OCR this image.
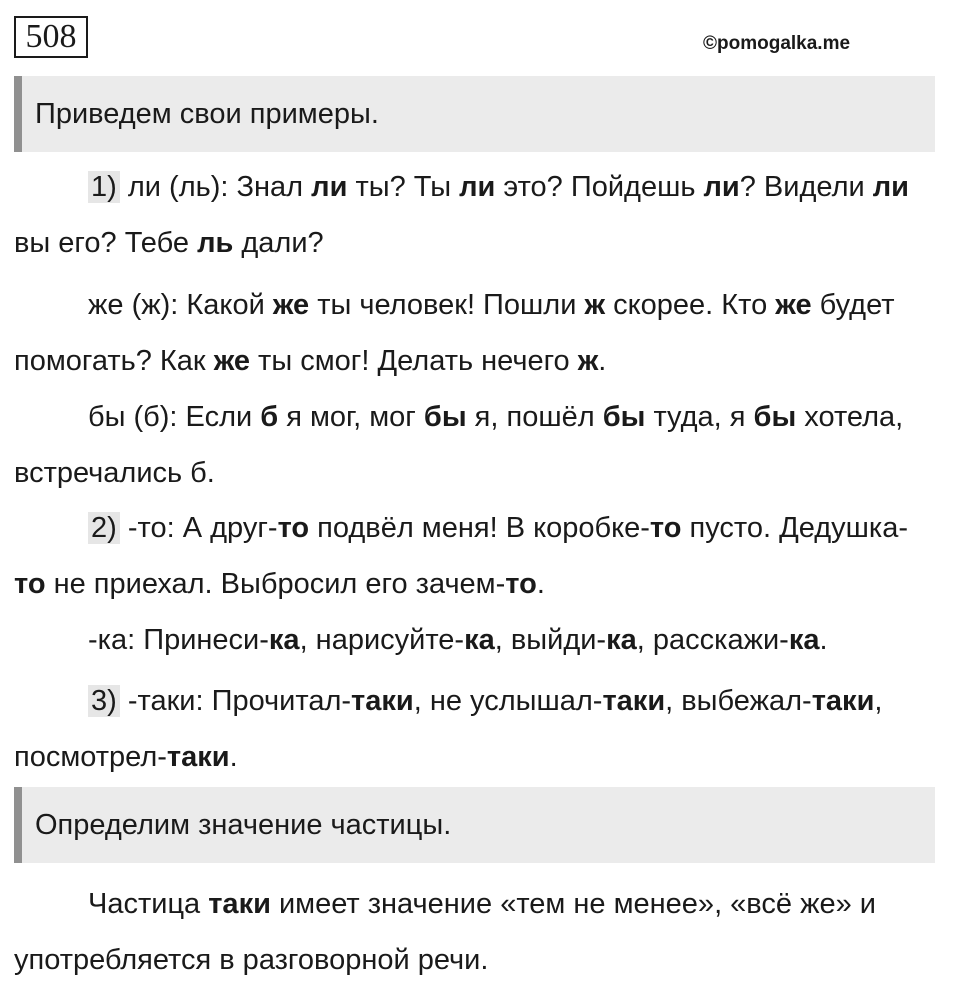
508	©pomogalka.me
Приведем свои примеры.

1) ли (ль): Знал ли ты? Ты ли это? Пойдешь ли? Видели ли вы его? Тебе ль дали?

же (ж): Какой же ты человек! Пошли ж скорее. Кто же будет помогать? Как же ты смог! Делать нечего ж.

бы (б): Если б я мог, мог бы я, пошёл бы туда, я бы хотела, встречались б.

2) -то: А друг-то подвёл меня! В коробке-то пусто. Дедушка-то не приехал. Выбросил его зачем-то.

-ка: Принеси-ка, нарисуйте-ка, выйди-ка, расскажи-ка.

3) -таки: Прочитал-таки, не услышал-таки, выбежал-таки, посмотрел-таки.

Определим значение частицы.

Частица таки имеет значение «тем не менее», «всё же» и употребляется в разговорной речи.
